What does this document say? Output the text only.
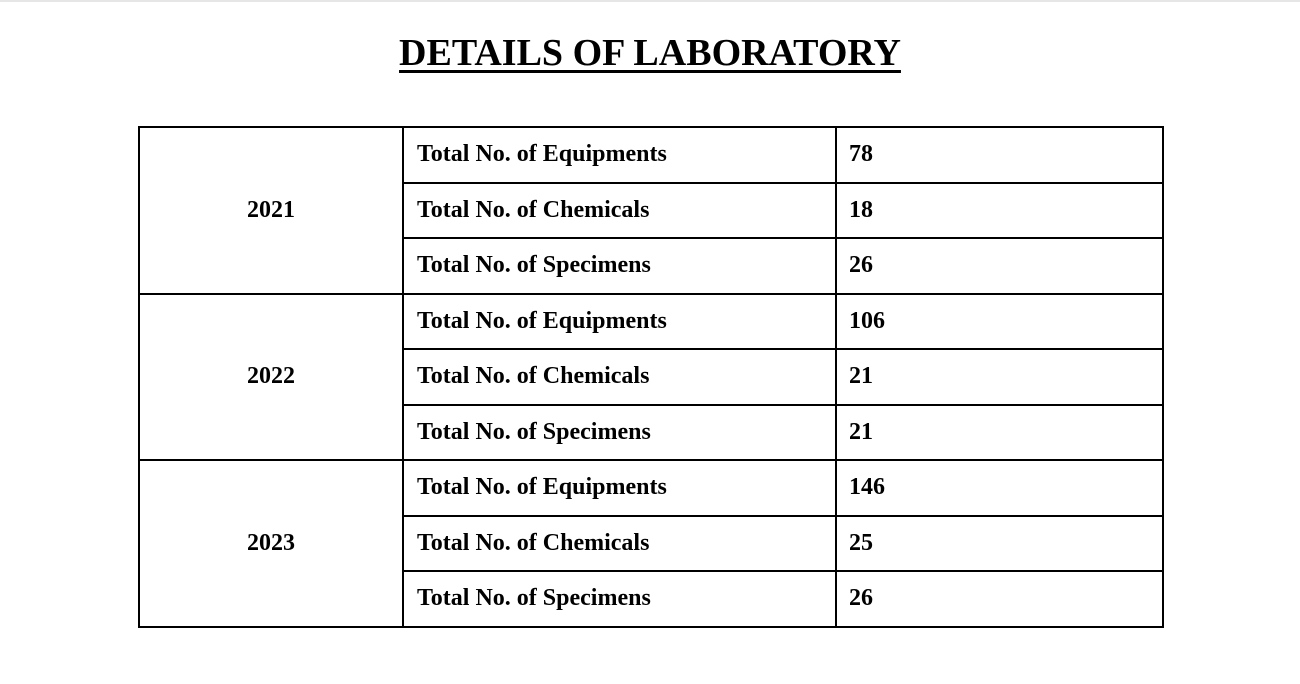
DETAILS OF LABORATORY
2021	Total No. of Equipments	78
	Total No. of Chemicals	18
	Total No. of Specimens	26
2022	Total No. of Equipments	106
	Total No. of Chemicals	21
	Total No. of Specimens	21
2023	Total No. of Equipments	146
	Total No. of Chemicals	25
	Total No. of Specimens	26
